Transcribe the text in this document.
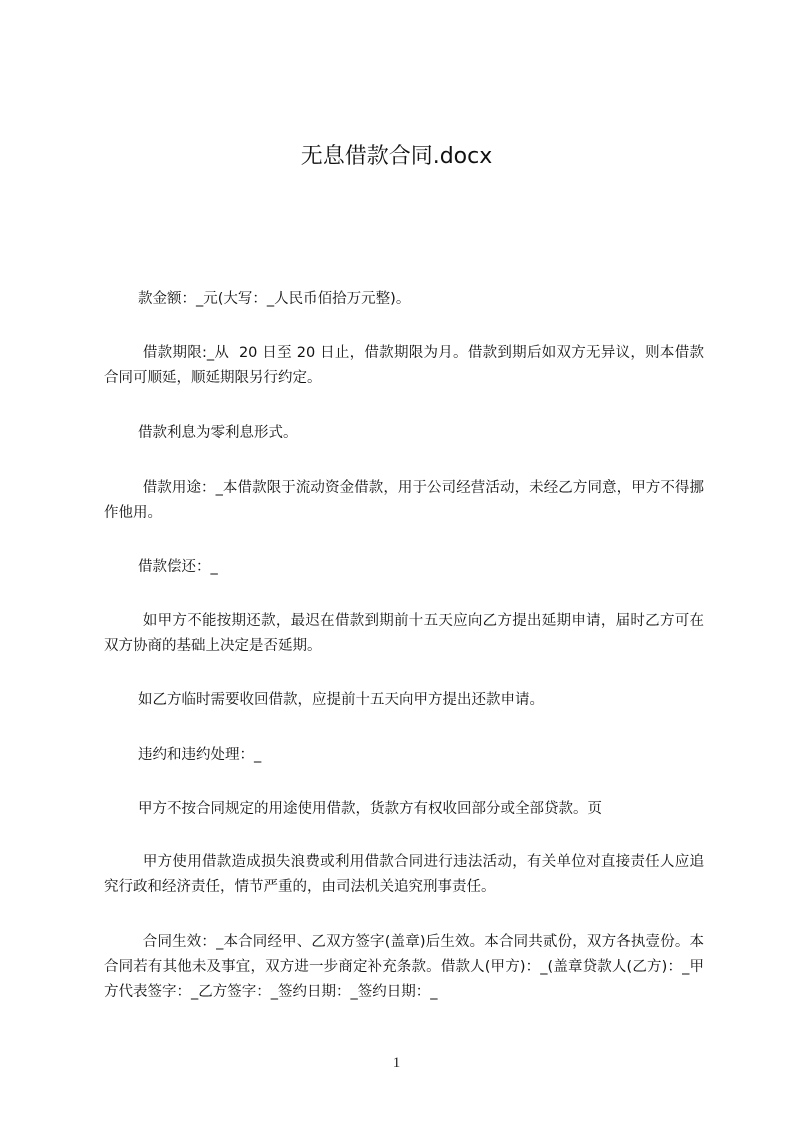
无息借款合同.docx
款金额：_元(大写：_人民币佰拾万元整)。
借款期限:_从  20 日至 20 日止，借款期限为月。借款到期后如双方无异议，则本借款合同可顺延，顺延期限另行约定。
借款利息为零利息形式。
借款用途：_本借款限于流动资金借款，用于公司经营活动，未经乙方同意，甲方不得挪作他用。
借款偿还：_
如甲方不能按期还款，最迟在借款到期前十五天应向乙方提出延期申请，届时乙方可在双方协商的基础上决定是否延期。
如乙方临时需要收回借款，应提前十五天向甲方提出还款申请。
违约和违约处理：_
甲方不按合同规定的用途使用借款，货款方有权收回部分或全部贷款。页
甲方使用借款造成损失浪费或利用借款合同进行违法活动，有关单位对直接责任人应追究行政和经济责任，情节严重的，由司法机关追究刑事责任。
合同生效：_本合同经甲、乙双方签字(盖章)后生效。本合同共贰份，双方各执壹份。本合同若有其他未及事宜，双方进一步商定补充条款。借款人(甲方)：_(盖章贷款人(乙方)：_甲方代表签字：_乙方签字：_签约日期：_签约日期：_
1
